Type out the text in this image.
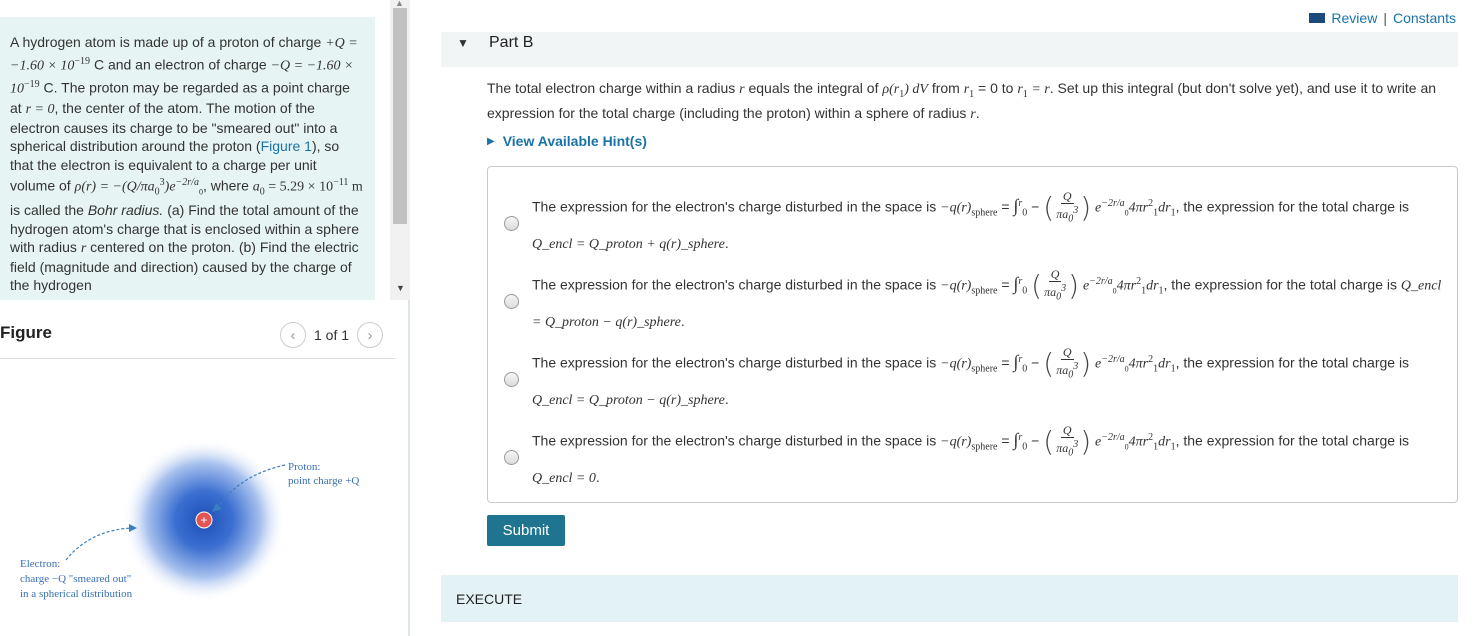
A hydrogen atom is made up of a proton of charge $+Q = -1.60 \times 10^{-19}$ C and an electron of charge $-Q = -1.60 \times 10^{-19}$ C. The proton may be regarded as a point charge at r = 0, the center of the atom. The motion of the electron causes its charge to be "smeared out" into a spherical distribution around the proton (Figure 1), so that the electron is equivalent to a charge per unit volume of $\rho(r) = -(Q/\pi a_0^3)e^{-2r/a}_0$, where $a_0 = 5.29 \times 10^{-11}$ m is called the Bohr radius. (a) Find the total amount of the hydrogen atom's charge that is enclosed within a sphere with radius r centered on the proton. (b) Find the electric field (magnitude and direction) caused by the charge of the hydrogen
▲
▼
Figure	‹	1 of 1	›
+
Proton:
point charge +Q
Electron:
charge −Q "smeared out"
in a spherical distribution
Review | Constants
▼ Part B
The total electron charge within a radius r equals the integral of $\rho(r_1)$ dV from $r_1 = 0$ to $r_1 = r$. Set up this integral (but don't solve yet), and use it to write an expression for the total charge (including the proton) within a sphere of radius r.
▶ View Available Hint(s)
The expression for the electron's charge disturbed in the space is $-q(r)_{sphere} = \int^r_0$ − ( $\frac{Q}{\pi a_0^3}$ ) $e^{-2r/a}_04\pi r^2_1dr_1$, the expression for the total charge is Q_encl = Q_proton + q(r)_sphere.
The expression for the electron's charge disturbed in the space is $-q(r)_{sphere} = \int^r_0$ ( $\frac{Q}{\pi a_0^3}$ ) $e^{-2r/a}_04\pi r^2_1dr_1$, the expression for the total charge is Q_encl = Q_proton − q(r)_sphere.
The expression for the electron's charge disturbed in the space is $-q(r)_{sphere} = \int^r_0$ − ( $\frac{Q}{\pi a_0^3}$ ) $e^{-2r/a}_04\pi r^2_1dr_1$, the expression for the total charge is Q_encl = Q_proton − q(r)_sphere.
The expression for the electron's charge disturbed in the space is $-q(r)_{sphere} = \int^r_0$ − ( $\frac{Q}{\pi a_0^3}$ ) $e^{-2r/a}_04\pi r^2_1dr_1$, the expression for the total charge is Q_encl = 0.
Submit
EXECUTE
